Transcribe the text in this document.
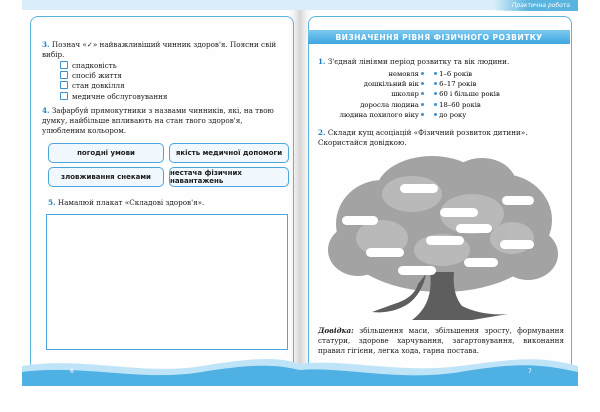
3. Познач «✓» найважливіший чинник здоров'я. Поясни свій вибір.
спадковість
спосіб життя
стан довкілля
медичне обслуговування
4. Зафарбуй прямокутники з назвами чинників, які, на твою думку, найбільше впливають на стан твого здоров'я, улюбленим кольором.
погодні умови	якість медичної допомоги
зловживання снеками	нестача фізичних навантажень
5. Намалюй плакат «Складові здоров'я».
6
Практична робота
ВИЗНАЧЕННЯ РІВНЯ ФІЗИЧНОГО РОЗВИТКУ
1. З'єднай лініями період розвитку та вік людини.
немовля
дошкільний вік
школяр
доросла людина
людина похилого віку
1–6 років
6–17 років
60 і більше років
18–60 років
до року
2. Склади кущ асоціацій «Фізичний розвиток дитини». Скористайся довідкою.
Довідка: збільшення маси, збільшення зросту, формування статури, здорове харчування, загартовування, виконання правил гігієни, легка хода, гарна постава.
7
